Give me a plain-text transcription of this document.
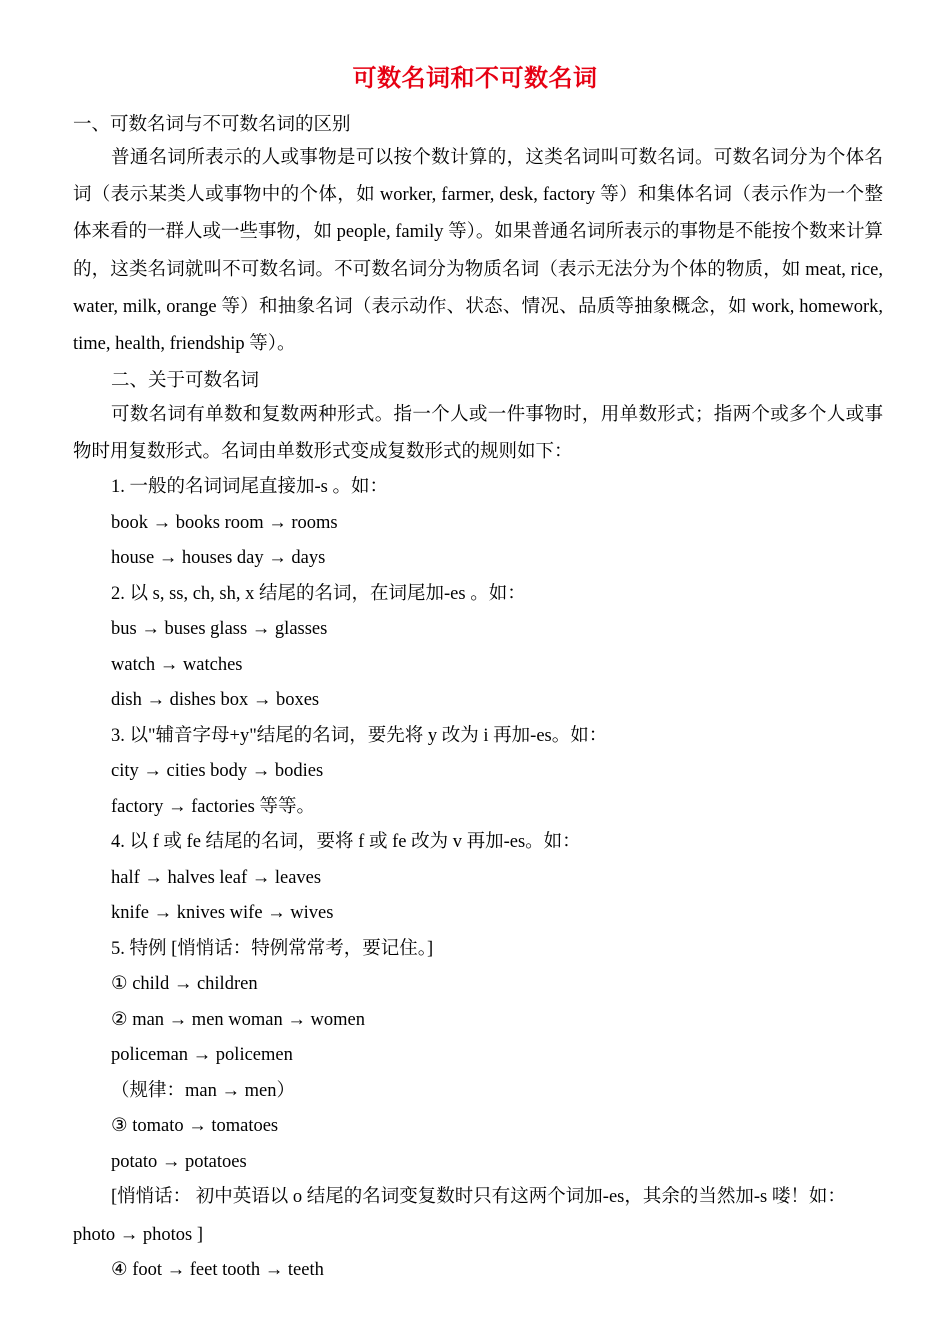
可数名词和不可数名词
一、可数名词与不可数名词的区别
普通名词所表示的人或事物是可以按个数计算的，这类名词叫可数名词。可数名词分为个体名词（表示某类人或事物中的个体，如 worker, farmer, desk, factory 等）和集体名词（表示作为一个整体来看的一群人或一些事物，如 people, family 等）。如果普通名词所表示的事物是不能按个数来计算的，这类名词就叫不可数名词。不可数名词分为物质名词（表示无法分为个体的物质，如 meat, rice, water, milk, orange 等）和抽象名词（表示动作、状态、情况、品质等抽象概念，如 work, homework, time, health, friendship 等）。
二、关于可数名词
可数名词有单数和复数两种形式。指一个人或一件事物时，用单数形式；指两个或多个人或事物时用复数形式。名词由单数形式变成复数形式的规则如下：
1. 一般的名词词尾直接加-s 。如：
book → books room → rooms
house → houses day → days
2. 以 s, ss, ch, sh, x 结尾的名词，在词尾加-es 。如：
bus → buses glass → glasses
watch → watches
dish → dishes box → boxes
3. 以"辅音字母+y"结尾的名词，要先将 y 改为 i 再加-es。如：
city → cities body → bodies
factory → factories 等等。
4. 以 f 或 fe 结尾的名词，要将 f 或 fe 改为 v 再加-es。如：
half → halves leaf → leaves
knife → knives wife → wives
5. 特例 [悄悄话：特例常常考，要记住。]
① child → children
② man → men woman → women
policeman → policemen
（规律：man → men）
③ tomato → tomatoes
potato → potatoes
[悄悄话： 初中英语以 o 结尾的名词变复数时只有这两个词加-es，其余的当然加-s 喽！如：
photo → photos ]
④ foot → feet tooth → teeth
